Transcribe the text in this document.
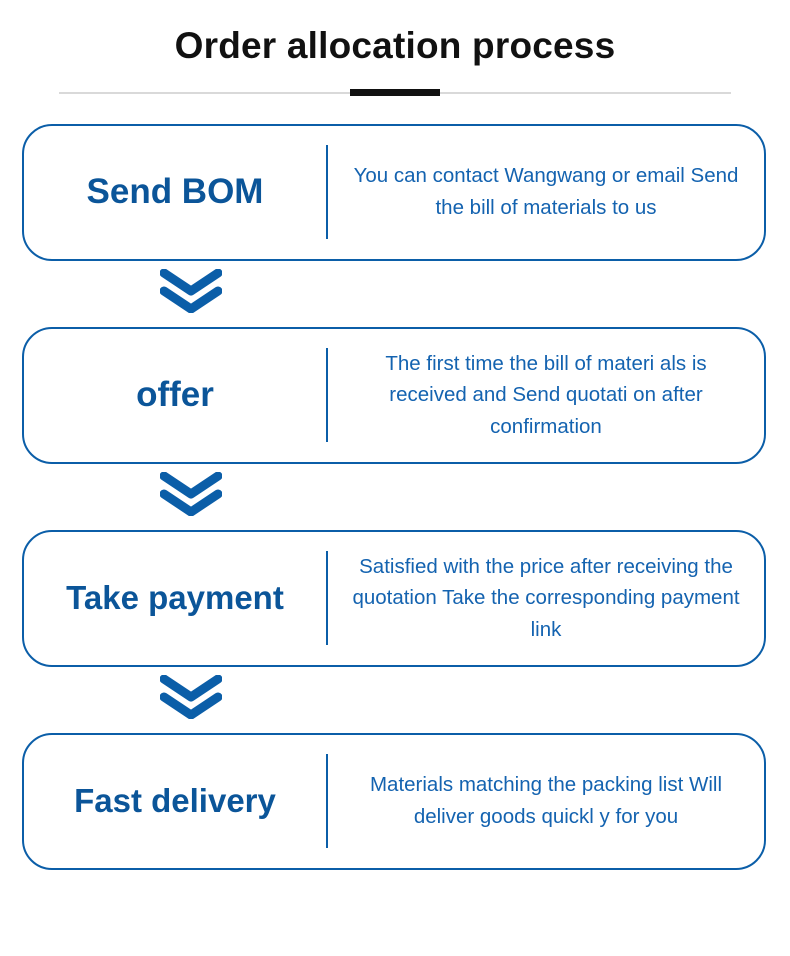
Order allocation process
Send BOM	You can contact Wangwang or email Send the bill of materials to us
offer
The first time the bill of materi als is received and Send quotati on after confirmation
Take payment
Satisfied with the price after receiving the quotation Take the corresponding payment link
Fast delivery	Materials matching the packing list Will deliver goods quickl y for you
